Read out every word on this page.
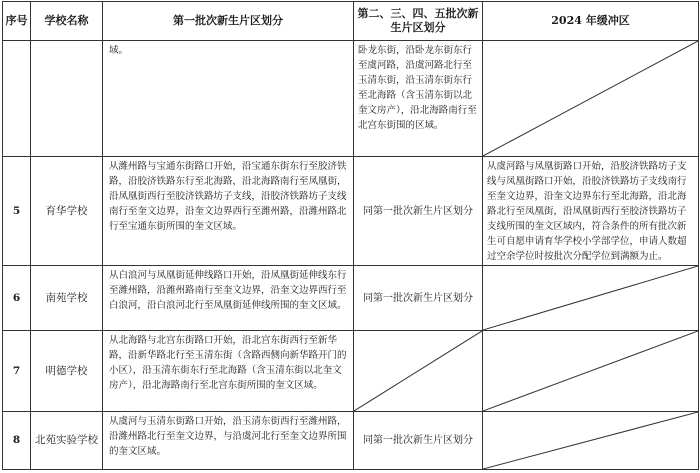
序号	学校名称	第一批次新生片区划分	第二、三、四、五批次新生片区划分	2024 年缓冲区
		域。	卧龙东街，沿卧龙东街东行至虞河路，沿虞河路北行至玉清东街，沿玉清东街东行至北海路（含玉清东街以北奎文房产），沿北海路南行至北宫东街围的区域。	

5	育华学校	从潍州路与宝通东街路口开始，沿宝通东街东行至胶济铁路，沿胶济铁路东行至北海路，沿北海路南行至凤凰街，沿凤凰街西行至胶济铁路坊子支线，沿胶济铁路坊子支线南行至奎文边界，沿奎文边界西行至潍州路，沿潍州路北行至宝通东街所围的奎文区域。	同第一批次新生片区划分	从虞河路与凤凰街路口开始，沿胶济铁路坊子支线与凤凰街路口开始，沿胶济铁路坊子支线南行至奎文边界，沿奎文边界东行至北海路，沿北海路北行至凤凰街，沿凤凰街西行至胶济铁路坊子支线所围的奎文区域内，符合条件的所有批次新生可自愿申请育华学校小学部学位，申请人数超过空余学位时按批次分配学位到满额为止。
6	南苑学校	从白浪河与凤凰街延伸线路口开始，沿凤凰街延伸线东行至潍州路，沿潍州路南行至奎文边界，沿奎文边界西行至白浪河，沿白浪河北行至凤凰街延伸线所围的奎文区域。	同第一批次新生片区划分	

7	明德学校	从北海路与北宫东街路口开始，沿北宫东街西行至新华路，沿新华路北行至玉清东街（含路西侧向新华路开门的小区），沿玉清东街东行至北海路（含玉清东街以北奎文房产），沿北海路南行至北宫东街所围的奎文区域。	

8	北苑实验学校	从虞河与玉清东街路口开始，沿玉清东街西行至潍州路，沿潍州路北行至奎文边界，与沿虞河北行至奎文边界所围的奎文区域。	同第一批次新生片区划分	
